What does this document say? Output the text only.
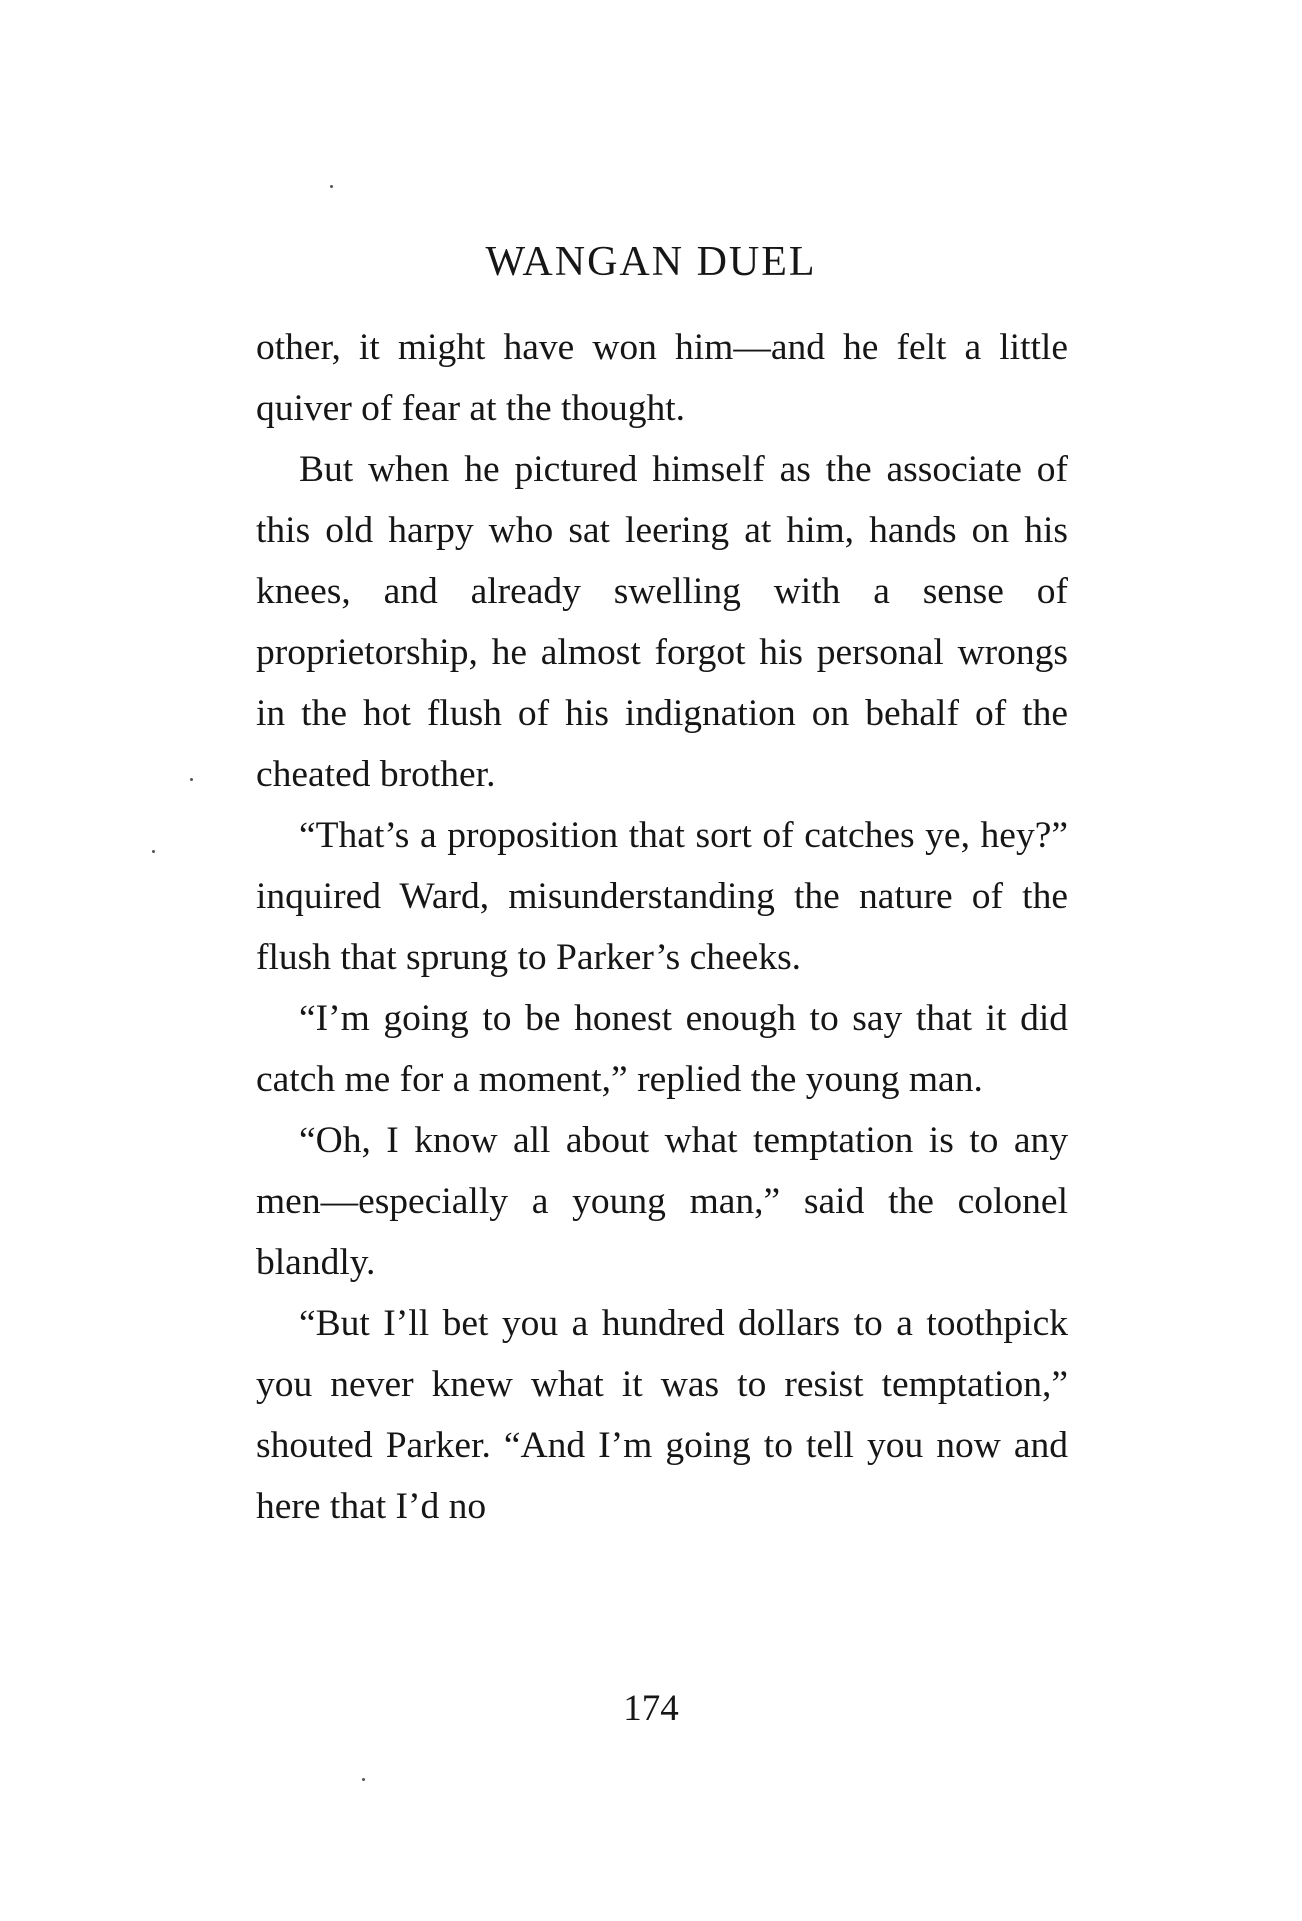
WANGAN DUEL

other, it might have won him—and he felt a little quiver of fear at the thought.

But when he pictured himself as the associate of this old harpy who sat leering at him, hands on his knees, and already swelling with a sense of proprietorship, he almost forgot his personal wrongs in the hot flush of his indignation on behalf of the cheated brother.

“That’s a proposition that sort of catches ye, hey?” inquired Ward, misunderstanding the nature of the flush that sprung to Parker’s cheeks.

“I’m going to be honest enough to say that it did catch me for a moment,” replied the young man.

“Oh, I know all about what temptation is to any men—especially a young man,” said the colonel blandly.

“But I’ll bet you a hundred dollars to a toothpick you never knew what it was to resist temptation,” shouted Parker. “And I’m going to tell you now and here that I’d no

174
